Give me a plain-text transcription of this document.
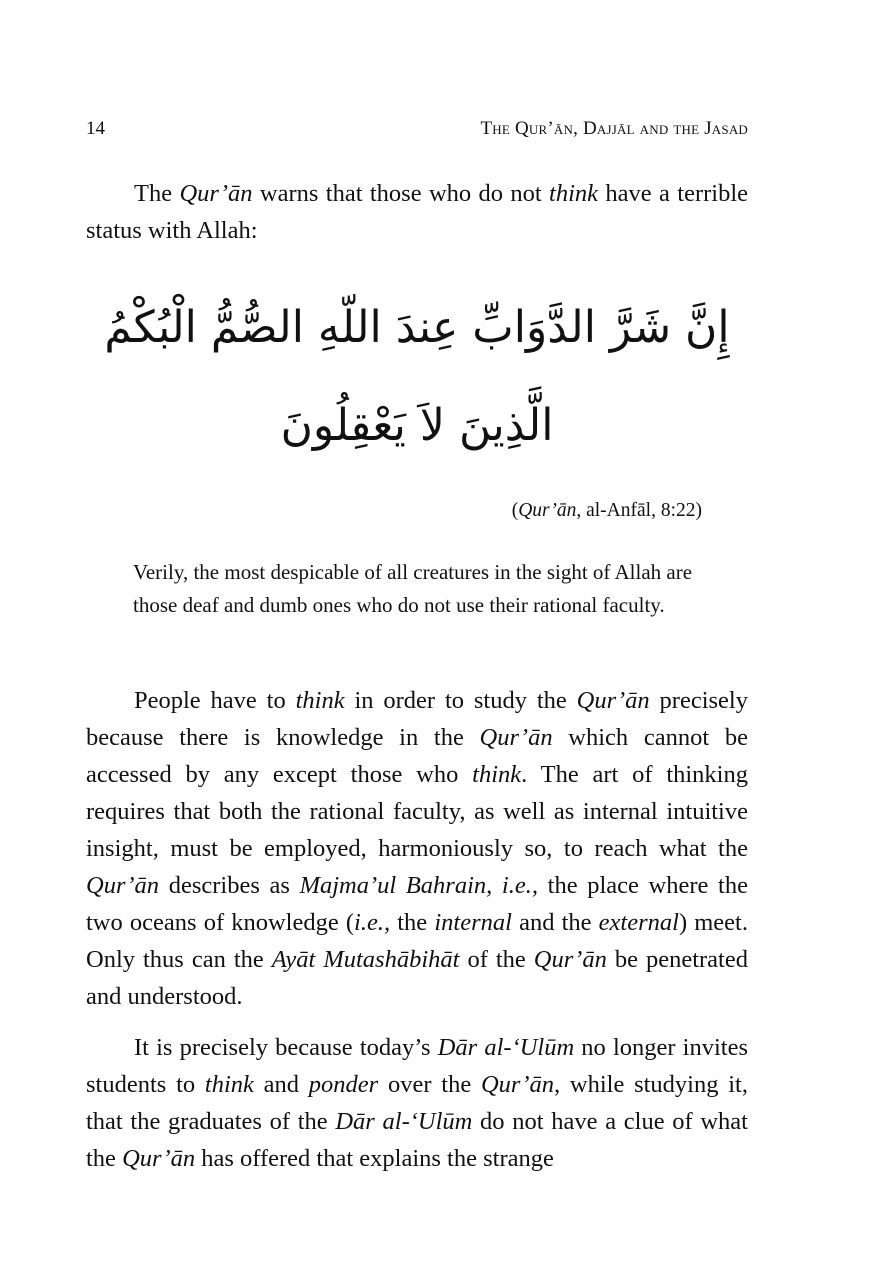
14	The Qur’ān, Dajjāl and the Jasad

The Qur’ān warns that those who do not think have a terrible status with Allah:

إِنَّ شَرَّ الدَّوَابِّ عِندَ اللّهِ الصُّمُّ الْبُكْمُ
الَّذِينَ لاَ يَعْقِلُونَ
(Qur’ān, al-Anfāl, 8:22)
Verily, the most despicable of all creatures in the sight of Allah are those deaf and dumb ones who do not use their rational faculty.

People have to think in order to study the Qur’ān precisely because there is knowledge in the Qur’ān which cannot be accessed by any except those who think. The art of thinking requires that both the rational faculty, as well as internal intuitive insight, must be employed, harmoniously so, to reach what the Qur’ān describes as Majma’ul Bahrain, i.e., the place where the two oceans of knowledge (i.e., the internal and the external) meet. Only thus can the Ayāt Mutashābihāt of the Qur’ān be penetrated and understood.

It is precisely because today’s Dār al-‘Ulūm no longer invites students to think and ponder over the Qur’ān, while studying it, that the graduates of the Dār al-‘Ulūm do not have a clue of what the Qur’ān has offered that explains the strange
